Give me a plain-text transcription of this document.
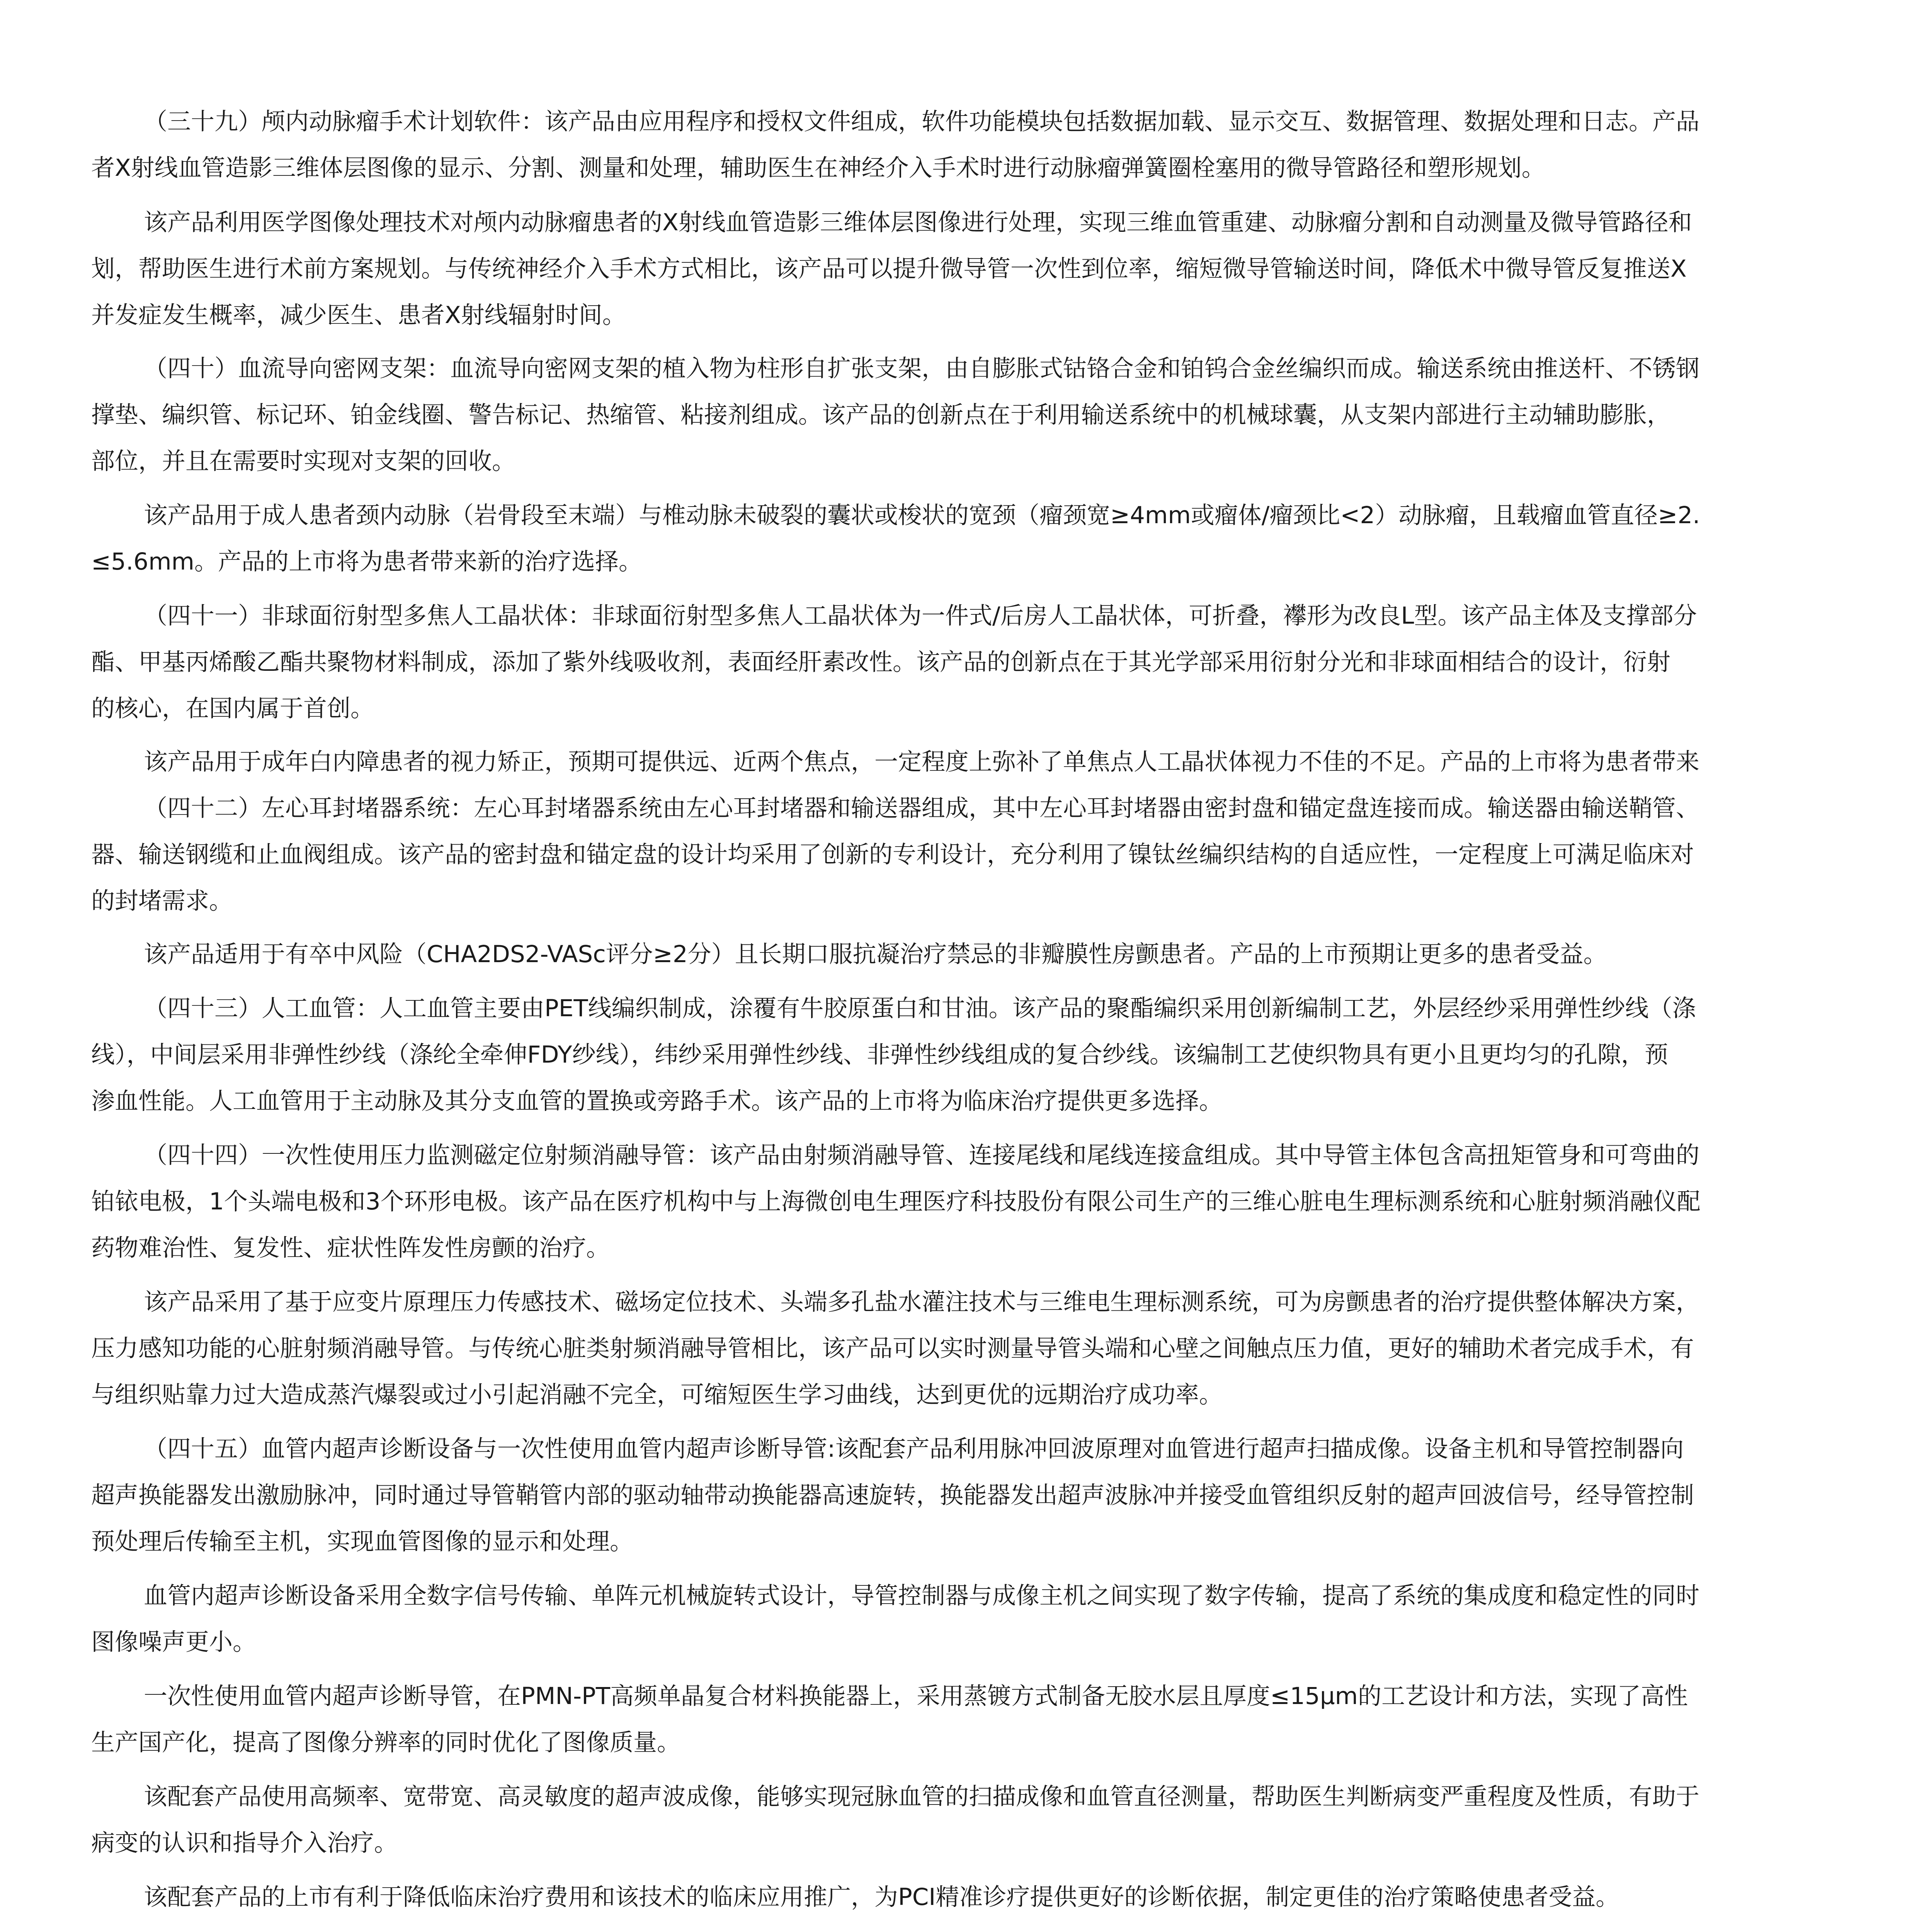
（三十九）颅内动脉瘤手术计划软件：该产品由应用程序和授权文件组成，软件功能模块包括数据加载、显示交互、数据管理、数据处理和日志。产品
者X射线血管造影三维体层图像的显示、分割、测量和处理，辅助医生在神经介入手术时进行动脉瘤弹簧圈栓塞用的微导管路径和塑形规划。
该产品利用医学图像处理技术对颅内动脉瘤患者的X射线血管造影三维体层图像进行处理，实现三维血管重建、动脉瘤分割和自动测量及微导管路径和
划，帮助医生进行术前方案规划。与传统神经介入手术方式相比，该产品可以提升微导管一次性到位率，缩短微导管输送时间，降低术中微导管反复推送X
并发症发生概率，减少医生、患者X射线辐射时间。
（四十）血流导向密网支架：血流导向密网支架的植入物为柱形自扩张支架，由自膨胀式钴铬合金和铂钨合金丝编织而成。输送系统由推送杆、不锈钢
撑垫、编织管、标记环、铂金线圈、警告标记、热缩管、粘接剂组成。该产品的创新点在于利用输送系统中的机械球囊，从支架内部进行主动辅助膨胀，
部位，并且在需要时实现对支架的回收。
该产品用于成人患者颈内动脉（岩骨段至末端）与椎动脉未破裂的囊状或梭状的宽颈（瘤颈宽≥4mm或瘤体/瘤颈比<2）动脉瘤，且载瘤血管直径≥2.
≤5.6mm。产品的上市将为患者带来新的治疗选择。
（四十一）非球面衍射型多焦人工晶状体：非球面衍射型多焦人工晶状体为一件式/后房人工晶状体，可折叠，襻形为改良L型。该产品主体及支撑部分
酯、甲基丙烯酸乙酯共聚物材料制成，添加了紫外线吸收剂，表面经肝素改性。该产品的创新点在于其光学部采用衍射分光和非球面相结合的设计，衍射
的核心，在国内属于首创。
该产品用于成年白内障患者的视力矫正，预期可提供远、近两个焦点，一定程度上弥补了单焦点人工晶状体视力不佳的不足。产品的上市将为患者带来
（四十二）左心耳封堵器系统：左心耳封堵器系统由左心耳封堵器和输送器组成，其中左心耳封堵器由密封盘和锚定盘连接而成。输送器由输送鞘管、
器、输送钢缆和止血阀组成。该产品的密封盘和锚定盘的设计均采用了创新的专利设计，充分利用了镍钛丝编织结构的自适应性，一定程度上可满足临床对
的封堵需求。
该产品适用于有卒中风险（CHA2DS2-VASc评分≥2分）且长期口服抗凝治疗禁忌的非瓣膜性房颤患者。产品的上市预期让更多的患者受益。
（四十三）人工血管：人工血管主要由PET线编织制成，涂覆有牛胶原蛋白和甘油。该产品的聚酯编织采用创新编制工艺，外层经纱采用弹性纱线（涤
线），中间层采用非弹性纱线（涤纶全牵伸FDY纱线），纬纱采用弹性纱线、非弹性纱线组成的复合纱线。该编制工艺使织物具有更小且更均匀的孔隙，预
渗血性能。人工血管用于主动脉及其分支血管的置换或旁路手术。该产品的上市将为临床治疗提供更多选择。
（四十四）一次性使用压力监测磁定位射频消融导管：该产品由射频消融导管、连接尾线和尾线连接盒组成。其中导管主体包含高扭矩管身和可弯曲的
铂铱电极，1个头端电极和3个环形电极。该产品在医疗机构中与上海微创电生理医疗科技股份有限公司生产的三维心脏电生理标测系统和心脏射频消融仪配
药物难治性、复发性、症状性阵发性房颤的治疗。
该产品采用了基于应变片原理压力传感技术、磁场定位技术、头端多孔盐水灌注技术与三维电生理标测系统，可为房颤患者的治疗提供整体解决方案，
压力感知功能的心脏射频消融导管。与传统心脏类射频消融导管相比，该产品可以实时测量导管头端和心壁之间触点压力值，更好的辅助术者完成手术，有
与组织贴靠力过大造成蒸汽爆裂或过小引起消融不完全，可缩短医生学习曲线，达到更优的远期治疗成功率。
（四十五）血管内超声诊断设备与一次性使用血管内超声诊断导管:该配套产品利用脉冲回波原理对血管进行超声扫描成像。设备主机和导管控制器向
超声换能器发出激励脉冲，同时通过导管鞘管内部的驱动轴带动换能器高速旋转，换能器发出超声波脉冲并接受血管组织反射的超声回波信号，经导管控制
预处理后传输至主机，实现血管图像的显示和处理。
血管内超声诊断设备采用全数字信号传输、单阵元机械旋转式设计，导管控制器与成像主机之间实现了数字传输，提高了系统的集成度和稳定性的同时
图像噪声更小。
一次性使用血管内超声诊断导管，在PMN-PT高频单晶复合材料换能器上，采用蒸镀方式制备无胶水层且厚度≤15μm的工艺设计和方法，实现了高性
生产国产化，提高了图像分辨率的同时优化了图像质量。
该配套产品使用高频率、宽带宽、高灵敏度的超声波成像，能够实现冠脉血管的扫描成像和血管直径测量，帮助医生判断病变严重程度及性质，有助于
病变的认识和指导介入治疗。
该配套产品的上市有利于降低临床治疗费用和该技术的临床应用推广，为PCI精准诊疗提供更好的诊断依据，制定更佳的治疗策略使患者受益。
